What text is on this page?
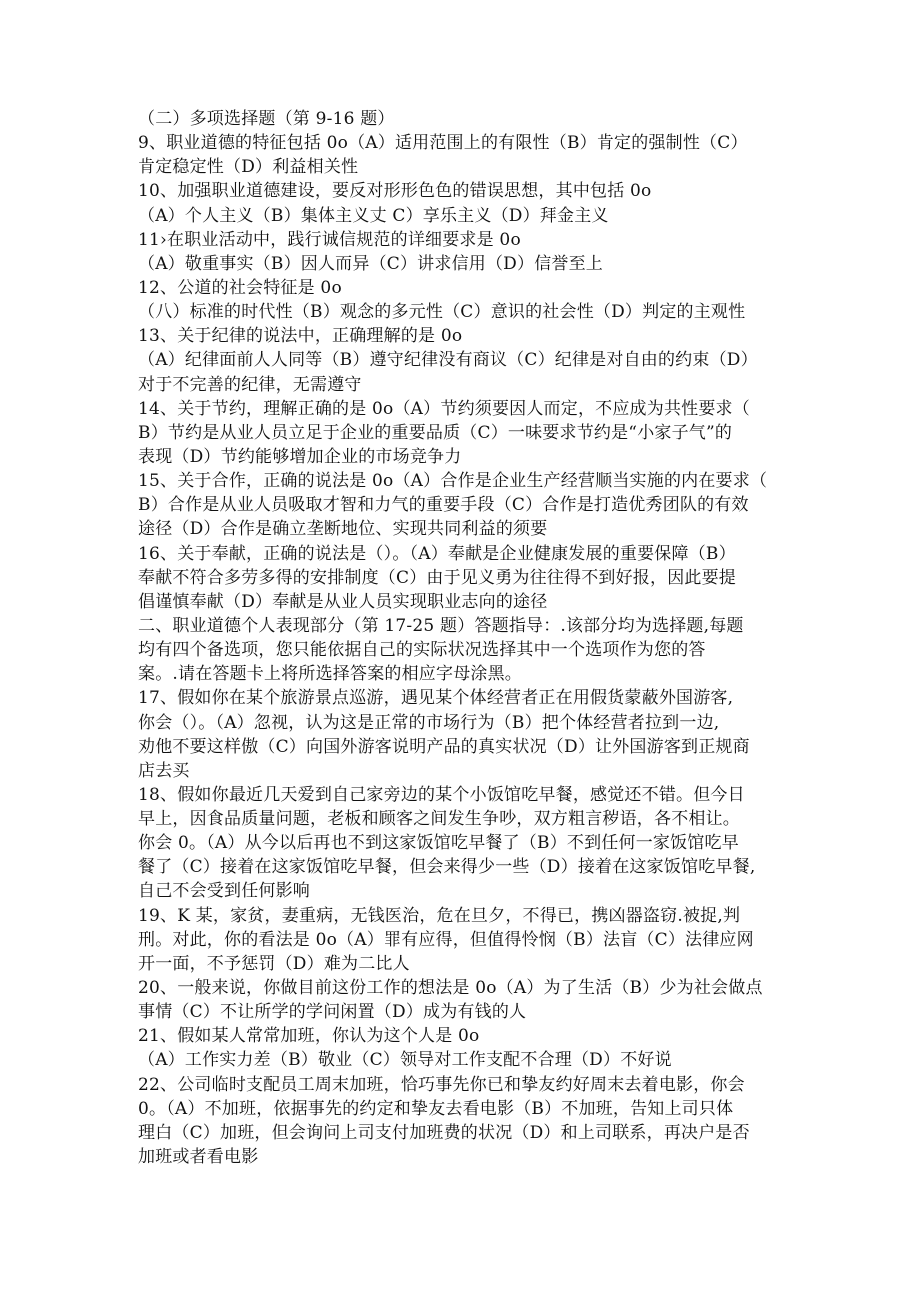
（二）多项选择题（第 9-16 题）
9、职业道德的特征包括 0o（A）适用范围上的有限性（B）肯定的强制性（C）
肯定稳定性（D）利益相关性
10、加强职业道德建设，要反对形形色色的错误思想，其中包括 0o
（A）个人主义（B）集体主义丈 C）享乐主义（D）拜金主义
11›在职业活动中，践行诚信规范的详细要求是 0o
（A）敬重事实（B）因人而异（C）讲求信用（D）信誉至上
12、公道的社会特征是 0o
（八）标准的时代性（B）观念的多元性（C）意识的社会性（D）判定的主观性
13、关于纪律的说法中，正确理解的是 0o
（A）纪律面前人人同等（B）遵守纪律没有商议（C）纪律是对自由的约束（D）
对于不完善的纪律，无需遵守
14、关于节约，理解正确的是 0o（A）节约须要因人而定，不应成为共性要求（
B）节约是从业人员立足于企业的重要品质（C）一味要求节约是“小家子气”的
表现（D）节约能够增加企业的市场竞争力
15、关于合作，正确的说法是 0o（A）合作是企业生产经营顺当实施的内在要求（
B）合作是从业人员吸取才智和力气的重要手段（C）合作是打造优秀团队的有效
途径（D）合作是确立垄断地位、实现共同利益的须要
16、关于奉献，正确的说法是（）。（A）奉献是企业健康发展的重要保障（B）
奉献不符合多劳多得的安排制度（C）由于见义勇为往往得不到好报，因此要提
倡谨慎奉献（D）奉献是从业人员实现职业志向的途径
二、职业道德个人表现部分（第 17-25 题）答题指导：.该部分均为选择题,每题
均有四个备选项，您只能依据自己的实际状况选择其中一个选项作为您的答
案。.请在答题卡上将所选择答案的相应字母涂黑。
17、假如你在某个旅游景点巡游，遇见某个体经营者正在用假货蒙蔽外国游客,
你会（）。（A）忽视，认为这是正常的市场行为（B）把个体经营者拉到一边,
劝他不要这样傲（C）向国外游客说明产品的真实状况（D）让外国游客到正规商
店去买
18、假如你最近几天爱到自己家旁边的某个小饭馆吃早餐，感觉还不错。但今日
早上，因食品质量问题，老板和顾客之间发生争吵，双方粗言秽语，各不相让。
你会 0。（A）从今以后再也不到这家饭馆吃早餐了（B）不到任何一家饭馆吃早
餐了（C）接着在这家饭馆吃早餐，但会来得少一些（D）接着在这家饭馆吃早餐,
自己不会受到任何影响
19、K 某，家贫，妻重病，无钱医治，危在旦夕，不得已，携凶器盗窃.被捉,判
刑。对此，你的看法是 0o（A）罪有应得，但值得怜悯（B）法盲（C）法律应网
开一面，不予惩罚（D）难为二比人
20、一般来说，你做目前这份工作的想法是 0o（A）为了生活（B）少为社会做点
事情（C）不让所学的学问闲置（D）成为有钱的人
21、假如某人常常加班，你认为这个人是 0o
（A）工作实力差（B）敬业（C）领导对工作支配不合理（D）不好说
22、公司临时支配员工周末加班，恰巧事先你已和挚友约好周末去着电影，你会
0。（A）不加班，依据事先的约定和挚友去看电影（B）不加班，告知上司只体
理白（C）加班，但会询问上司支付加班费的状况（D）和上司联系，再决户是否
加班或者看电影
